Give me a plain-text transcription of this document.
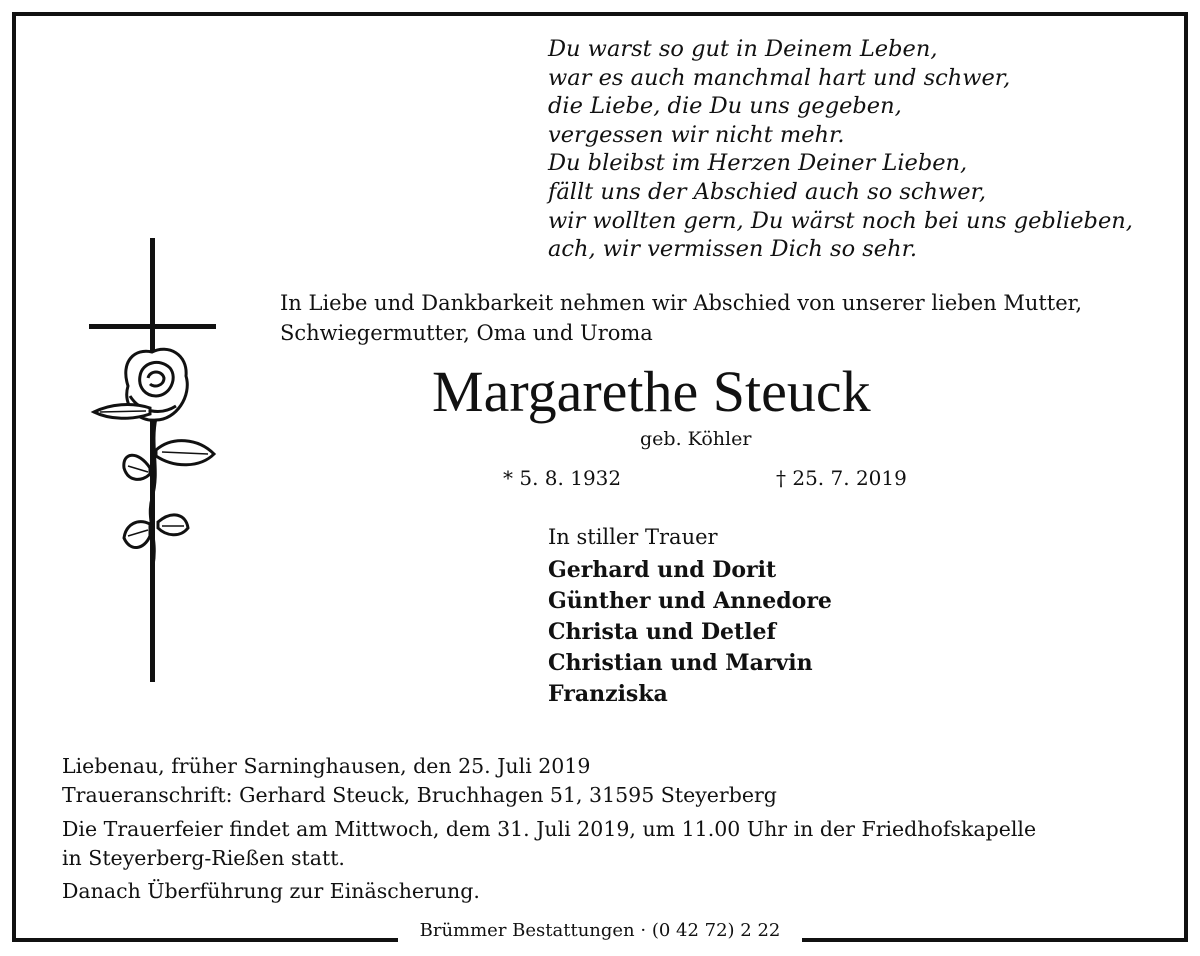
Du warst so gut in Deinem Leben,
war es auch manchmal hart und schwer,
die Liebe, die Du uns gegeben,
vergessen wir nicht mehr.
Du bleibst im Herzen Deiner Lieben,
fällt uns der Abschied auch so schwer,
wir wollten gern, Du wärst noch bei uns geblieben,
ach, wir vermissen Dich so sehr.
In Liebe und Dankbarkeit nehmen wir Abschied von unserer lieben Mutter,
Schwiegermutter, Oma und Uroma
Margarethe Steuck
geb. Köhler
* 5. 8. 1932	† 25. 7. 2019
In stiller Trauer
Gerhard und Dorit
Günther und Annedore
Christa und Detlef
Christian und Marvin
Franziska
Liebenau, früher Sarninghausen, den 25. Juli 2019
Traueranschrift: Gerhard Steuck, Bruchhagen 51, 31595 Steyerberg
Die Trauerfeier findet am Mittwoch, dem 31. Juli 2019, um 11.00 Uhr in der Friedhofskapelle
in Steyerberg-Rießen statt.
Danach Überführung zur Einäscherung.
Brümmer Bestattungen · (0 42 72) 2 22
